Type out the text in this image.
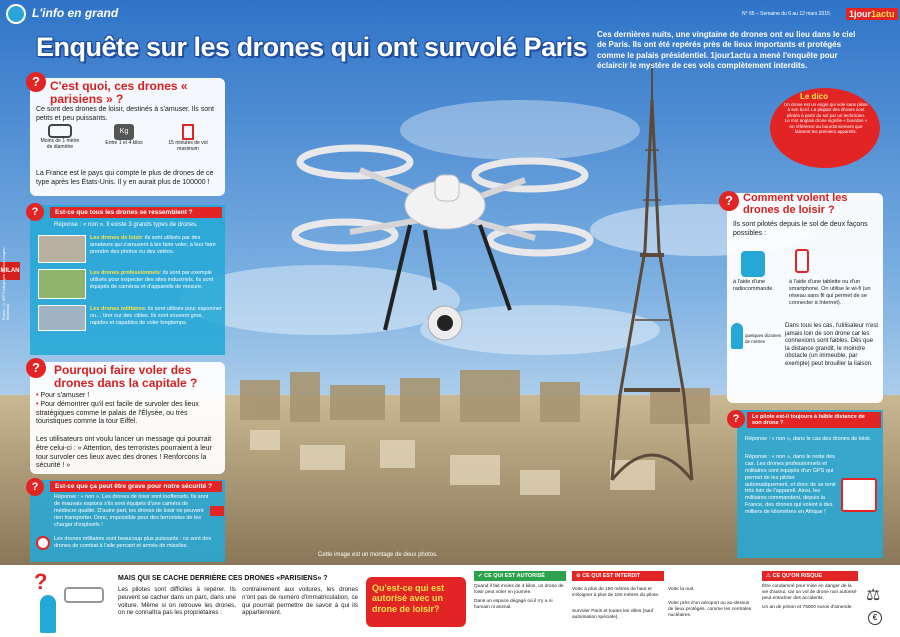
L'info en grand
MILAN
N° 65 – Semaine du 6 au 12 mars 2015	1jour1actu
Enquête sur les drones qui ont survolé Paris Ces dernières nuits, une vingtaine de drones ont eu lieu dans le ciel de Paris. Ils ont été repérés près de lieux importants et protégés comme le palais présidentiel. 1jour1actu a mené l'enquête pour éclaircir le mystère de ces vols complètement interdits.
? C'est quoi, ces drones « parisiens » ?
Ce sont des drones de loisir, destinés à s'amuser. Ils sont petits et peu puissants.
Moins de 1 mètre de diamètre
Kg
Entre 1 et 4 kilos	15 minutes de vol maximum
La France est le pays qui compte le plus de drones de ce type après les États-Unis. Il y en aurait plus de 100000 !
?	Est-ce que tous les drones se ressemblent ?
Réponse : « non ». Il existe 3 grands types de drones.
Les drones de loisir: ils sont utilisés par des amateurs qui s'amusent à les faire voler, à leur faire prendre des photos ou des vidéos.
Les drones professionnels: ils sont par exemple utilisés pour inspecter des sites industriels. Ils sont équipés de caméras et d'appareils de mesure.
Les drones militaires: ils sont utilisés pour espionner ou… tirer sur des cibles. Ils sont souvent gros, rapides et capables de voler longtemps.
Photos : © AFP Photographs / Global Images / Wikimedia
?	Pourquoi faire voler des drones dans la capitale ?
• Pour s'amuser !
• Pour démontrer qu'il est facile de survoler des lieux stratégiques comme le palais de l'Élysée, ou très touristiques comme la tour Eiffel.
Les utilisateurs ont voulu lancer un message qui pourrait être celui-ci : « Attention, des terroristes pourraient à leur tour survoler ces lieux avec des drones ! Renforcons la sécurité ! »
?	Est-ce que ça peut être grave pour notre sécurité ?
Réponse : « non ». Les drones de loisir sont inoffensifs. Ils sont de mauvais espions s'ils sont équipés d'une caméra de médiocre qualité. D'autre part, les drones de loisir ne peuvent rien transporter. Donc, impossible pour des terroristes de les charger d'explosifs !
Les drones militaires sont beaucoup plus puissants : ce sont des drones de combat à l'aile percant et armés de missiles.
Cette image est un montage de deux photos.
Le dico
Un drone est un engin qui vole sans pilote à son bord. La plupart des drones sont pilotés à partir du sol par un technicien. Le mot anglais drone signifie « bourdon » en référence au bourdonnement que laissent les premiers appareils.
? Comment volent les drones de loisir ?
Ils sont pilotés depuis le sol de deux façons possibles :
à l'aide d'une radiocommande.
à l'aide d'une tablette ou d'un smartphone. On utilise le wi-fi (un réseau sans fil qui permet de se connecter à Internet).
quelques dizaines de mètres
Dans tous les cas, l'utilisateur n'est jamais loin de son drone car les connexions sont faibles. Dès que la distance grandit, le moindre obstacle (un immeuble, par exemple) peut brouiller la liaison.
?	Le pilote est-il toujours à faible distance de son drone ?
Réponse : « non », dans le cas des drones de loisir.
Réponse : « non », dans le reste des cas. Les drones professionnels et militaires sont équipés d'un GPS qui permet de les piloter automatiquement, et donc de se tenir très loin de l'appareil. Ainsi, les militaires commandent, depuis la France, des drones qui volent à des milliers de kilomètres en Afrique !
?	MAIS QUI SE CACHE DERRIÈRE CES DRONES «PARISIENS» ?
Les pilotes sont difficiles à repérer. Ils peuvent se cacher dans un parc, dans une voiture. Même si on retrouve les drones, on ne connaîtra pas les propriétaires :
contrairement aux voitures, les drones n'ont pas de numéro d'immatriculation, ce qui pourrait permettre de savoir à qui ils appartiennent.
Qu'est-ce qui est autorisé avec un drone de loisir?
✔ CE QUI EST AUTORISÉ
Quand il fait moins de 4 kilos, un drone de loisir peut voler en journée.
Dans un espace dégagé où il n'y a ni humain ni animal.
⊘ CE QUI EST INTERDIT
Voler à plus de 150 mètres de haut et s'éloigner à plus de 150 mètres du pilote.
Survoler Paris et toutes les villes (sauf autorisation spéciale).
Voler la nuit.
Voler près d'un aéroport ou au-dessus de lieux protégés, comme les centrales nucléaires.
⚠ CE QU'ON RISQUE
Être condamné pour mise en danger de la vie d'autrui, car un vol de drone non autorisé peut entraîner des accidents.
Un an de prison et 75000 euros d'amende.
⚖
€
